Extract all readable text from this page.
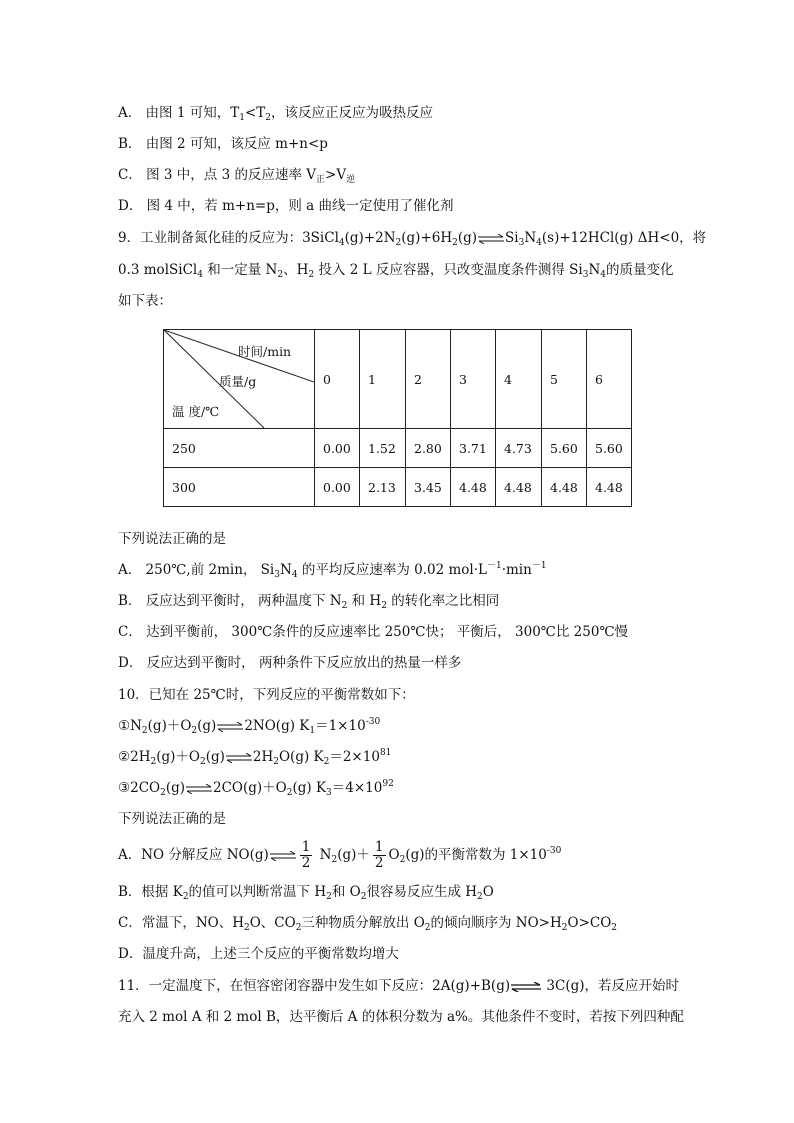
A． 由图 1 可知，$T_1<T_2$，该反应正反应为吸热反应
B． 由图 2 可知，该反应 m+n<p
C． 图 3 中，点 3 的反应速率 $V_正>V_逆$
D． 图 4 中，若 m+n=p，则 a 曲线一定使用了催化剂
9．工业制备氮化硅的反应为：$3SiCl_4(g)+2N_2(g)+6H_2(g)\rightleftharpoons Si_3N_4(s)+12HCl(g)$ ΔH<0，将
0.3 molSiCl$_4$ 和一定量 $N_2$、$H_2$ 投入 2 L 反应容器，只改变温度条件测得 $Si_3N_4$的质量变化
如下表：
时间/min
质量/g
温 度/℃	0	1	2	3	4	5	6
250	0.00	1.52	2.80	3.71	4.73	5.60	5.60
300	0.00	2.13	3.45	4.48	4.48	4.48	4.48
下列说法正确的是
A． 250℃,前 2min， $Si_3N_4$ 的平均反应速率为 0.02 $mol\cdot L^{-1}\cdot\min^{-1}$
B． 反应达到平衡时， 两种温度下 $N_2$ 和 $H_2$ 的转化率之比相同
C． 达到平衡前， 300℃条件的反应速率比 250℃快； 平衡后， 300℃比 250℃慢
D． 反应达到平衡时， 两种条件下反应放出的热量一样多
10．已知在 25℃时，下列反应的平衡常数如下：
$①N_2(g)+O_2(g)\rightleftharpoons 2NO(g)$ $K_1=1\times 10^{-30}$
$②2H_2(g)+O_2(g)\rightleftharpoons 2H_2O(g)$ $K_2=2\times 10^{81}$
$③2CO_2(g)\rightleftharpoons 2CO(g)+O_2(g)$ $K_3=4\times 10^{92}$
下列说法正确的是
A．NO 分解反应 NO(g)⇌ $\frac{1}{2} N_2(g)+ \frac{1}{2} O_2(g)$的平衡常数为 $1\times 10^{-30}$
B．根据 $K_2$的值可以判断常温下 $H_2$和 $O_2$很容易反应生成 $H_2O$
C．常温下，NO、$H_2O$、$CO_2$三种物质分解放出 $O_2$的倾向顺序为 $NO>H_2O>CO_2$
D．温度升高，上述三个反应的平衡常数均增大
11．一定温度下，在恒容密闭容器中发生如下反应：2A(g)+B(g)⇌ 3C(g)，若反应开始时
充入 2 mol A 和 2 mol B，达平衡后 A 的体积分数为 a%。其他条件不变时，若按下列四种配
